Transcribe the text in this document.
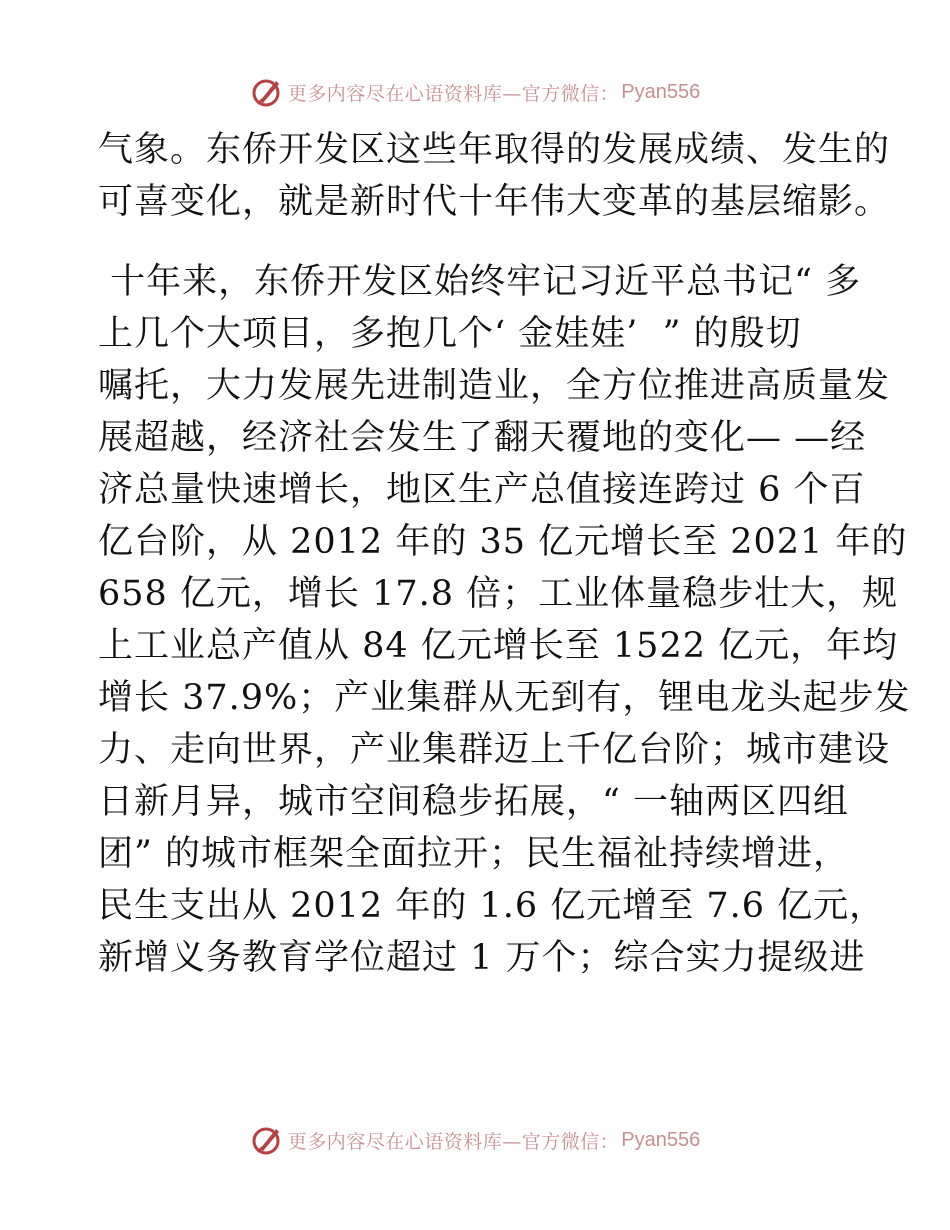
更多内容尽在心语资料库—官方微信： Pyan556
气象。东侨开发区这些年取得的发展成绩、发生的
可喜变化，就是新时代十年伟大变革的基层缩影。
十年来，东侨开发区始终牢记习近平总书记“ 多
上几个大项目，多抱几个‘ 金娃娃’  ” 的殷切
嘱托，大力发展先进制造业，全方位推进高质量发
展超越，经济社会发生了翻天覆地的变化— —经
济总量快速增长，地区生产总值接连跨过 6 个百
亿台阶，从 2012 年的 35 亿元增长至 2021 年的
658 亿元，增长 17.8 倍；工业体量稳步壮大，规
上工业总产值从 84 亿元增长至 1522 亿元，年均
增长 37.9%；产业集群从无到有，锂电龙头起步发
力、走向世界，产业集群迈上千亿台阶；城市建设
日新月异，城市空间稳步拓展，“ 一轴两区四组
团” 的城市框架全面拉开；民生福祉持续增进，
民生支出从 2012 年的 1.6 亿元增至 7.6 亿元，
新增义务教育学位超过 1 万个；综合实力提级进
更多内容尽在心语资料库—官方微信： Pyan556
